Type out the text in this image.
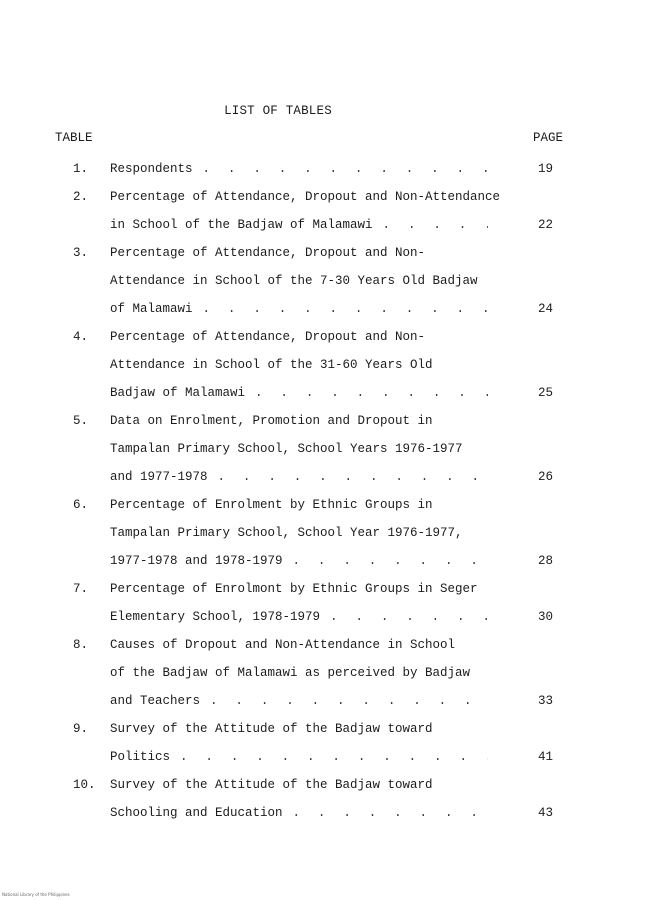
LIST OF TABLES
TABLE	PAGE
1.	Respondents . . .	19
2.	Percentage of Attendance, Dropout and Non-Attendance
in School of the Badjaw of Malamawi . . .	22
3.	Percentage of Attendance, Dropout and Non-
Attendance in School of the 7-30 Years Old Badjaw
of Malamawi . . .	24
4.	Percentage of Attendance, Dropout and Non-
Attendance in School of the 31-60 Years Old
Badjaw of Malamawi . . .	25
5.	Data on Enrolment, Promotion and Dropout in
Tampalan Primary School, School Years 1976-1977
and 1977-1978 . . .	26
6.	Percentage of Enrolment by Ethnic Groups in
Tampalan Primary School, School Year 1976-1977,
1977-1978 and 1978-1979 . . .	28
7.	Percentage of Enrolmont by Ethnic Groups in Seger
Elementary School, 1978-1979 . . .	30
8.	Causes of Dropout and Non-Attendance in School
of the Badjaw of Malamawi as perceived by Badjaw
and Teachers . . .	33
9.	Survey of the Attitude of the Badjaw toward
Politics . . .	41
10.	Survey of the Attitude of the Badjaw toward
Schooling and Education . . .	43
National Library of the Philippines
